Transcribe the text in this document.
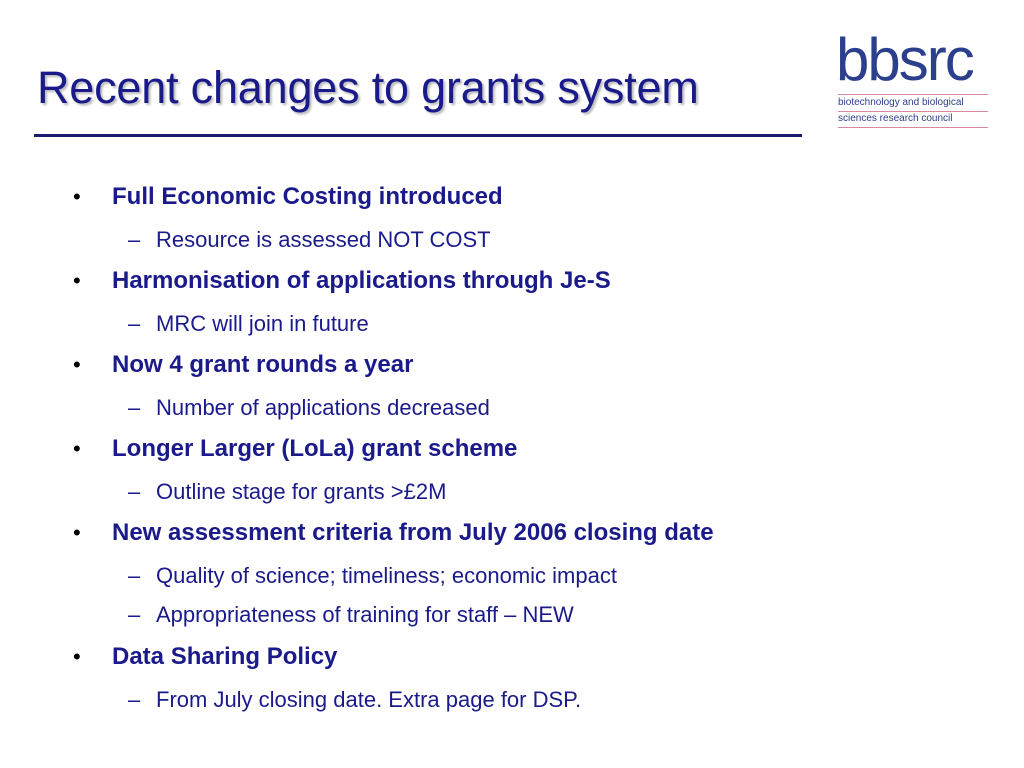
Recent changes to grants system bbsrc
biotechnology and biological
sciences research council
• Full Economic Costing introduced
– Resource is assessed NOT COST
• Harmonisation of applications through Je-S
– MRC will join in future
• Now 4 grant rounds a year
– Number of applications decreased
• Longer Larger (LoLa) grant scheme
– Outline stage for grants >£2M
• New assessment criteria from July 2006 closing date
– Quality of science; timeliness; economic impact
– Appropriateness of training for staff – NEW
• Data Sharing Policy
– From July closing date. Extra page for DSP.
